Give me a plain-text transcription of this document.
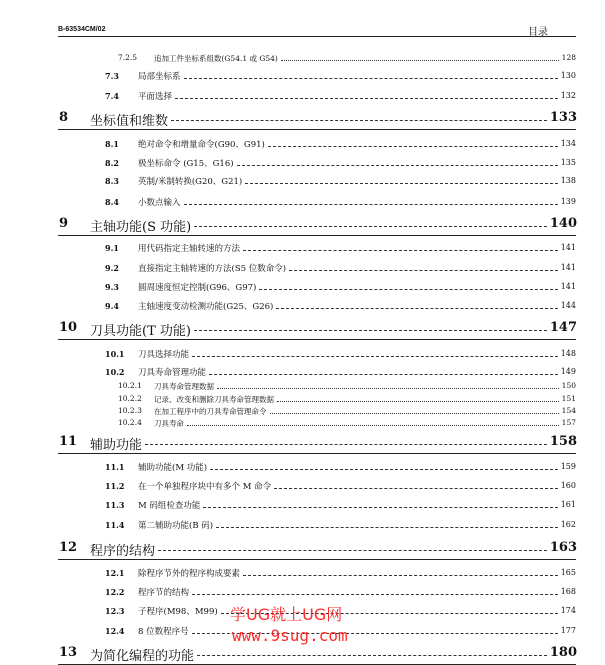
B-63534CM/02	目录
7.2.5 追加工件坐标系组数(G54.1 或 G54)	128
7.3 局部坐标系	130
7.4 平面选择	132
8 坐标值和维数	133
8.1 绝对命令和增量命令(G90、G91)	134
8.2 极坐标命令 (G15、G16)	135
8.3 英制/米制转换(G20、G21)	138
8.4 小数点输入	139
9 主轴功能(S 功能)	140
9.1 用代码指定主轴转速的方法	141
9.2 直接指定主轴转速的方法(S5 位数命令)	141
9.3 圆周速度恒定控制(G96、G97)	141
9.4 主轴速度变动检测功能(G25、G26)	144
10 刀具功能(T 功能)	147
10.1 刀具选择功能	148
10.2 刀具寿命管理功能	149
10.2.1 刀具寿命管理数据	150
10.2.2 记录、改变和删除刀具寿命管理数据	151
10.2.3 在加工程序中的刀具寿命管理命令	154
10.2.4 刀具寿命	157
11 辅助功能	158
11.1 辅助功能(M 功能)	159
11.2 在一个单独程序块中有多个 M 命令	160
11.3 M 码组检查功能	161
11.4 第二辅助功能(B 码)	162
12 程序的结构	163
12.1 除程序节外的程序构成要素	165
12.2 程序节的结构	168
12.3 子程序(M98、M99)	174
12.4 8 位数程序号	177
13 为简化编程的功能	180
学UG就上UG网
www.9sug.com
